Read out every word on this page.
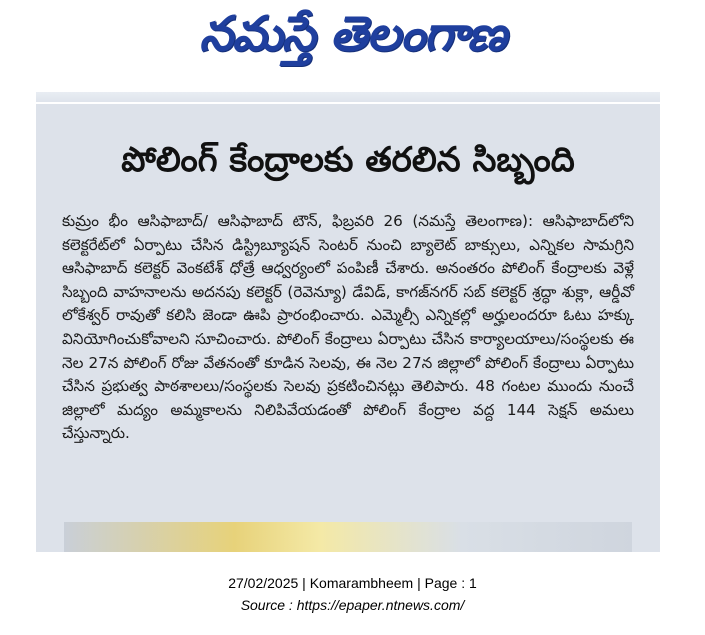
నమస్తే తెలంగాణ
పోలింగ్ కేంద్రాలకు తరలిన సిబ్బంది
కుమ్రం భీం ఆసిఫాబాద్/ ఆసిఫాబాద్ టౌన్, ఫిబ్రవరి 26 (నమస్తే తెలంగాణ): ఆసిఫాబాద్‌లోని కలెక్టరేట్‌లో ఏర్పాటు చేసిన డిస్ట్రిబ్యూషన్ సెంటర్ నుంచి బ్యాలెట్ బాక్సులు, ఎన్నికల సామగ్రిని ఆసిఫాబాద్ కలెక్టర్ వెంకటేశ్ ధోత్రే ఆధ్వర్యంలో పంపిణీ చేశారు. అనంతరం పోలింగ్ కేంద్రాలకు వెళ్లే సిబ్బంది వాహనాలను అదనపు కలెక్టర్ (రెవెన్యూ) డేవిడ్, కాగజ్‌నగర్ సబ్ కలెక్టర్ శ్రద్ధా శుక్లా, ఆర్డీవో లోకేశ్వర్ రావుతో కలిసి జెండా ఊపి ప్రారంభించారు. ఎమ్మెల్సీ ఎన్నికల్లో అర్హులందరూ ఓటు హక్కు వినియోగించుకోవాలని సూచించారు. పోలింగ్ కేంద్రాలు ఏర్పాటు చేసిన కార్యాలయాలు/సంస్థలకు ఈ నెల 27న పోలింగ్ రోజు వేతనంతో కూడిన సెలవు, ఈ నెల 27న జిల్లాలో పోలింగ్ కేంద్రాలు ఏర్పాటు చేసిన ప్రభుత్వ పాఠశాలలు/సంస్థలకు సెలవు ప్రకటించినట్లు తెలిపారు. 48 గంటల ముందు నుంచే జిల్లాలో మద్యం అమ్మకాలను నిలిపివేయడంతో పోలింగ్ కేంద్రాల వద్ద 144 సెక్షన్ అమలు చేస్తున్నారు.
27/02/2025 | Komarambheem | Page : 1
Source : https://epaper.ntnews.com/
